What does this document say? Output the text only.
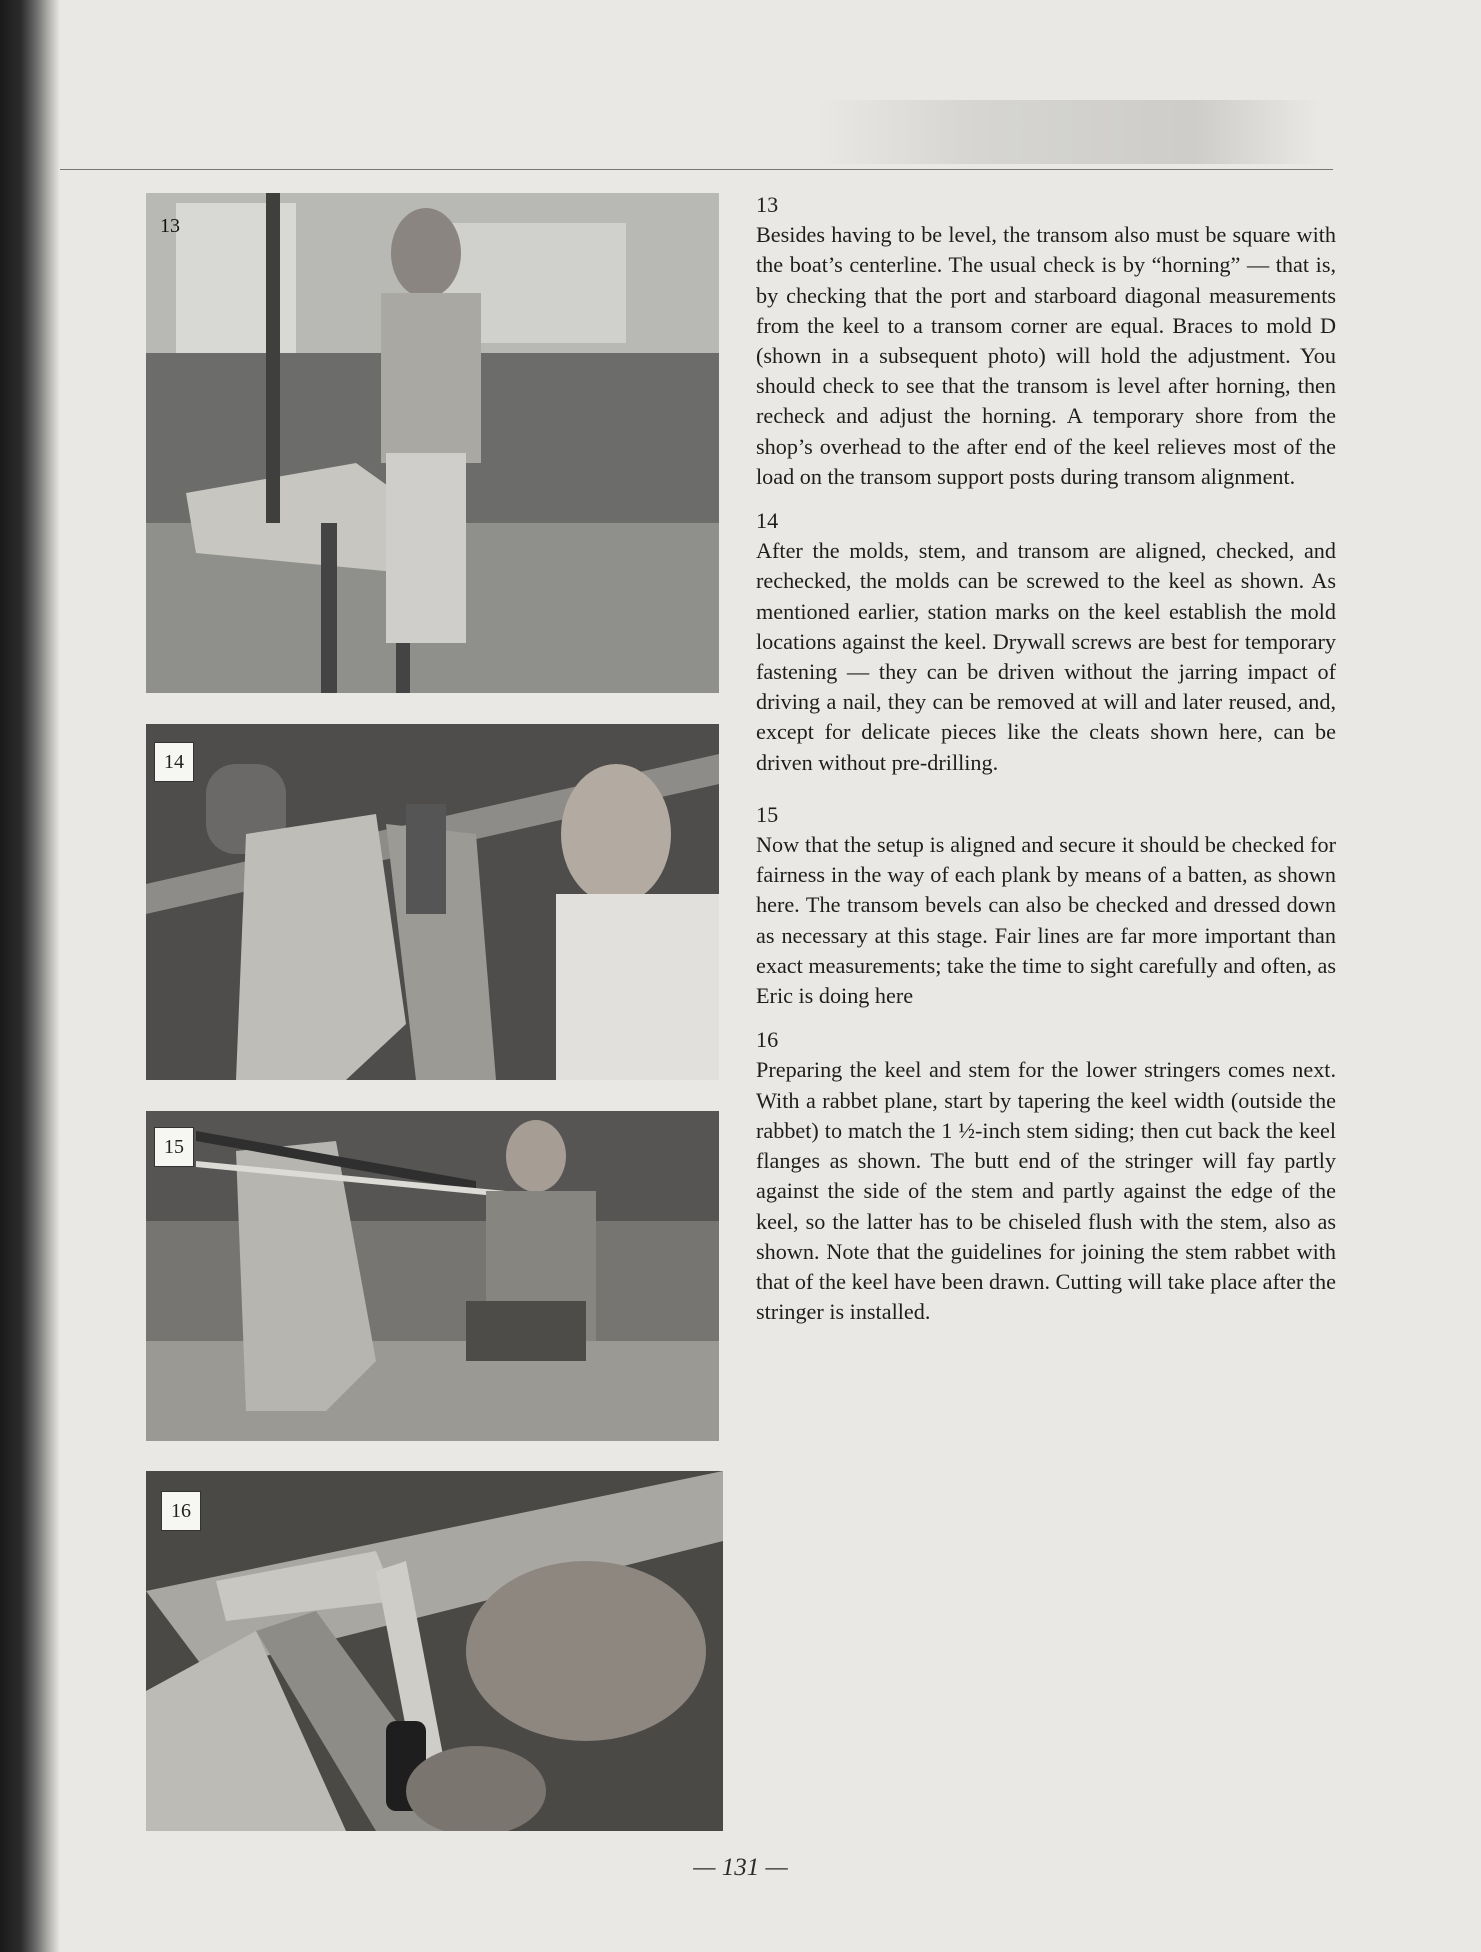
13
14
15
16
13
Besides having to be level, the transom also must be square with the boat’s centerline. The usual check is by “horning” — that is, by checking that the port and starboard diagonal measurements from the keel to a transom corner are equal. Braces to mold D (shown in a subsequent photo) will hold the adjustment. You should check to see that the transom is level after horning, then recheck and adjust the horning. A temporary shore from the shop’s overhead to the after end of the keel relieves most of the load on the transom support posts during transom alignment.
14
After the molds, stem, and transom are aligned, checked, and rechecked, the molds can be screwed to the keel as shown. As mentioned earlier, station marks on the keel establish the mold locations against the keel. Drywall screws are best for temporary fastening — they can be driven without the jarring impact of driving a nail, they can be removed at will and later reused, and, except for delicate pieces like the cleats shown here, can be driven without pre-drilling.
15
Now that the setup is aligned and secure it should be checked for fairness in the way of each plank by means of a batten, as shown here. The transom bevels can also be checked and dressed down as necessary at this stage. Fair lines are far more important than exact measurements; take the time to sight carefully and often, as Eric is doing here
16
Preparing the keel and stem for the lower stringers comes next. With a rabbet plane, start by tapering the keel width (outside the rabbet) to match the 1 ½-inch stem siding; then cut back the keel flanges as shown. The butt end of the stringer will fay partly against the side of the stem and partly against the edge of the keel, so the latter has to be chiseled flush with the stem, also as shown. Note that the guidelines for joining the stem rabbet with that of the keel have been drawn. Cutting will take place after the stringer is installed.
— 131 —
